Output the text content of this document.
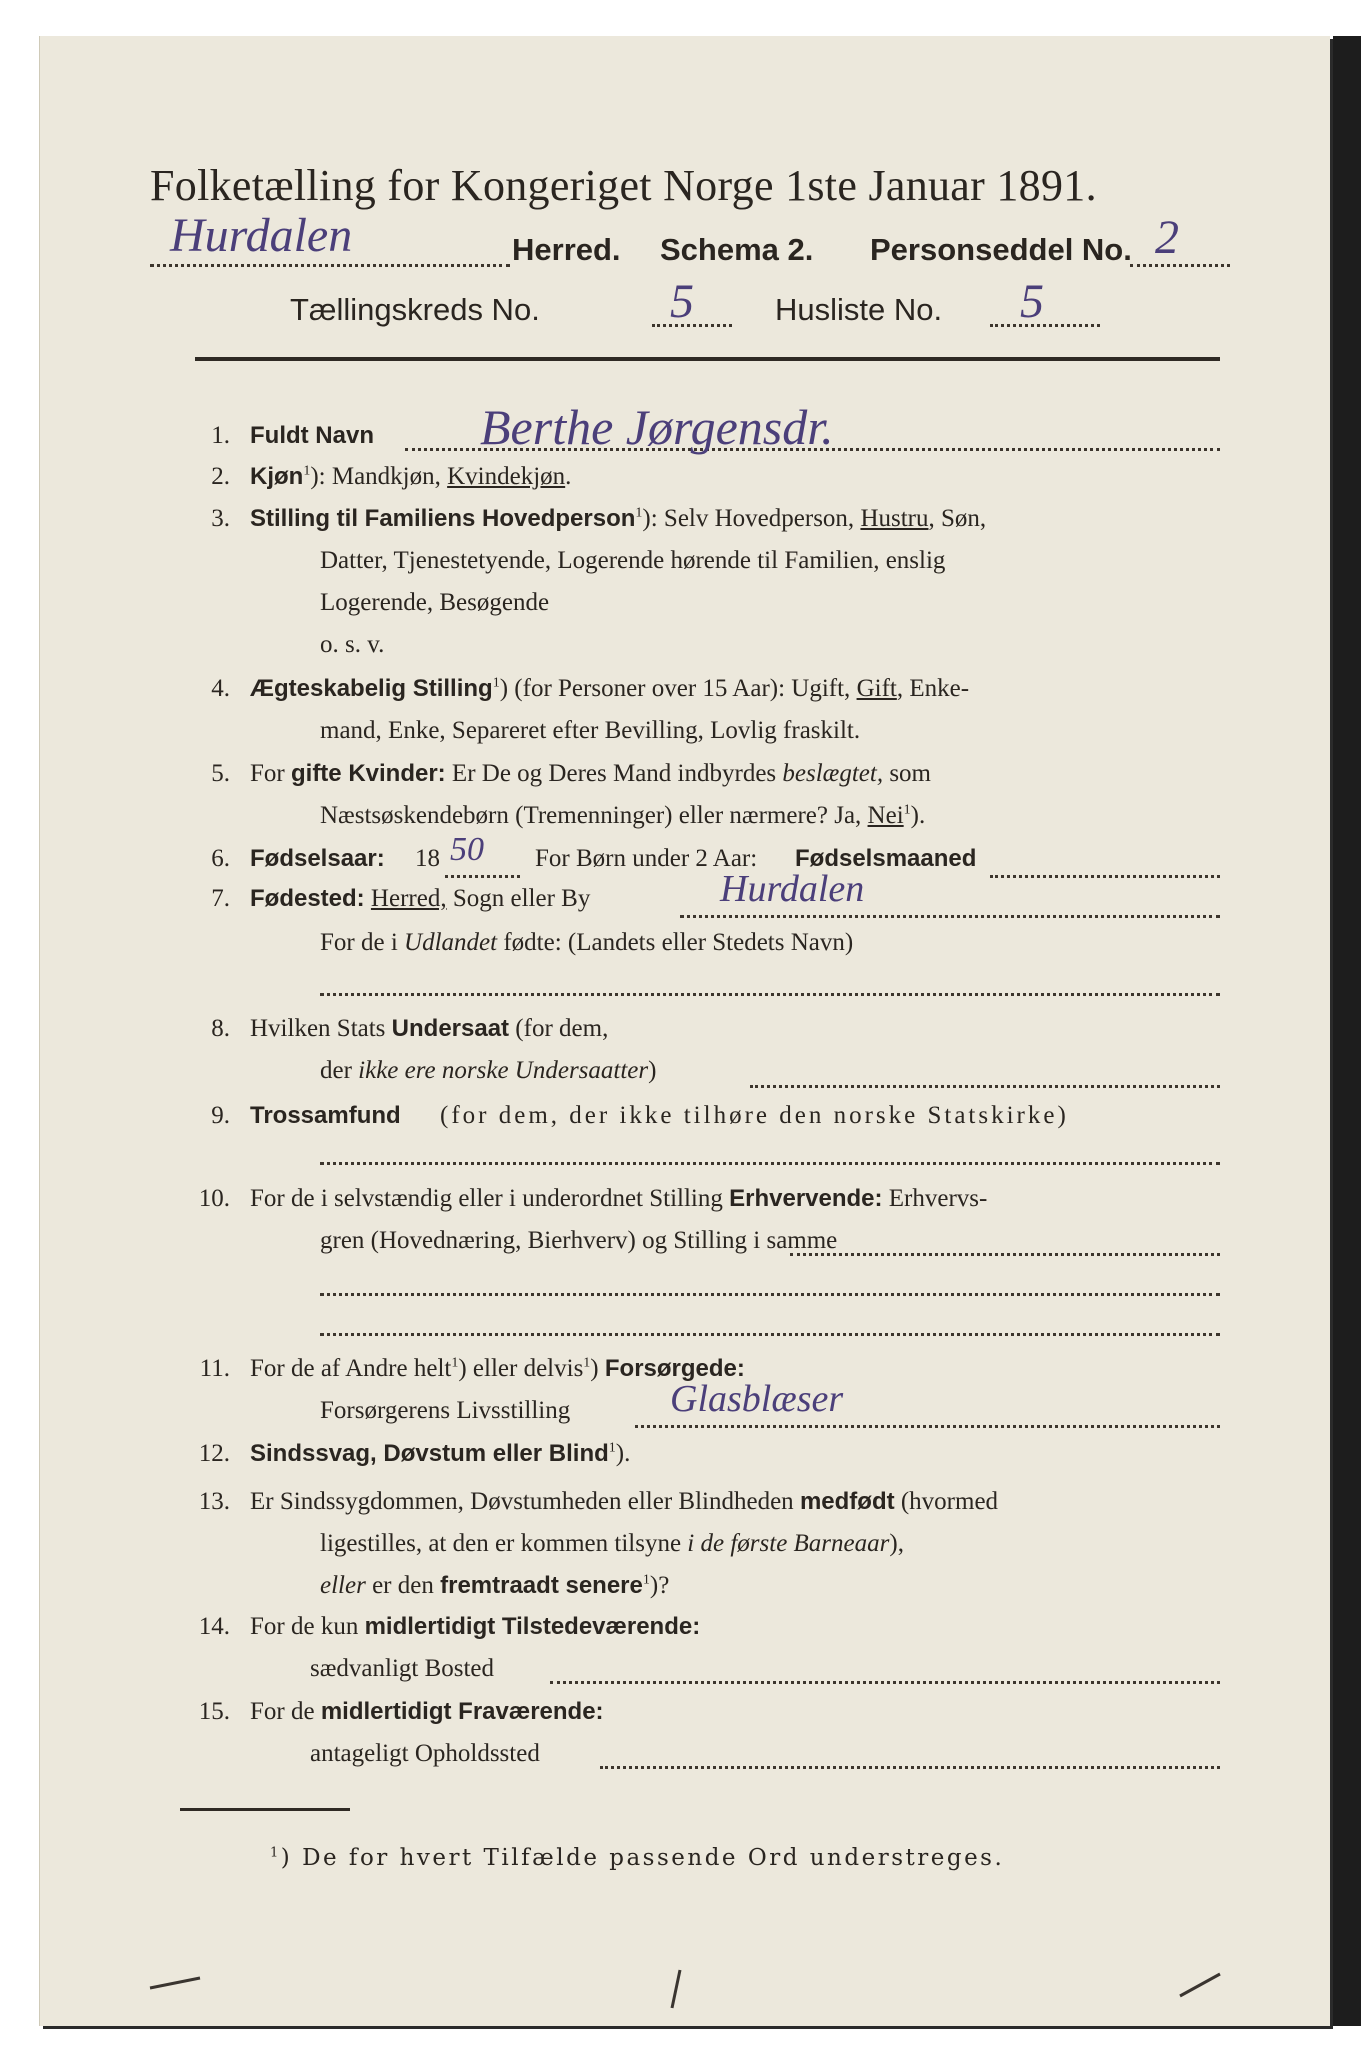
Folketælling for Kongeriget Norge 1ste Januar 1891.
Hurdalen	Herred. Schema 2. Personseddel No. 2
Tællingskreds No.	5	Husliste No. 5
1. Fuldt Navn Berthe Jørgensdr.
2. Kjøn$^1$): Mandkjøn, Kvindekjøn.
3. Stilling til Familiens Hovedperson$^1$): Selv Hovedperson, Hustru, Søn,
Datter, Tjenestetyende, Logerende hørende til Familien, enslig
Logerende, Besøgende
o. s. v.
4. Ægteskabelig Stilling$^1$) (for Personer over 15 Aar): Ugift, Gift, Enke-
mand, Enke, Separeret efter Bevilling, Lovlig fraskilt.
5. For gifte Kvinder: Er De og Deres Mand indbyrdes beslægtet, som
Næstsøskendebørn (Tremenninger) eller nærmere? Ja, Nei$^1$).
6. Fødselsaar: 18 50 For Børn under 2 Aar: Fødselsmaaned
7. Fødested: Herred, Sogn eller By	Hurdalen
For de i Udlandet fødte: (Landets eller Stedets Navn)
8. Hvilken Stats Undersaat (for dem,
der ikke ere norske Undersaatter)
9. Trossamfund (for dem, der ikke tilhøre den norske Statskirke)
10. For de i selvstændig eller i underordnet Stilling Erhvervende: Erhvervs-
gren (Hovednæring, Bierhverv) og Stilling i samme
11. For de af Andre helt$^1$) eller delvis$^1$) Forsørgede:
Forsørgerens Livsstilling	Glasblæser
12. Sindssvag, Døvstum eller Blind$^1$).
13. Er Sindssygdommen, Døvstumheden eller Blindheden medfødt (hvormed
ligestilles, at den er kommen tilsyne i de første Barneaar),
eller er den fremtraadt senere$^1$)?
14. For de kun midlertidigt Tilstedeværende:
sædvanligt Bosted
15. For de midlertidigt Fraværende:
antageligt Opholdssted
$^1$) De for hvert Tilfælde passende Ord understreges.
